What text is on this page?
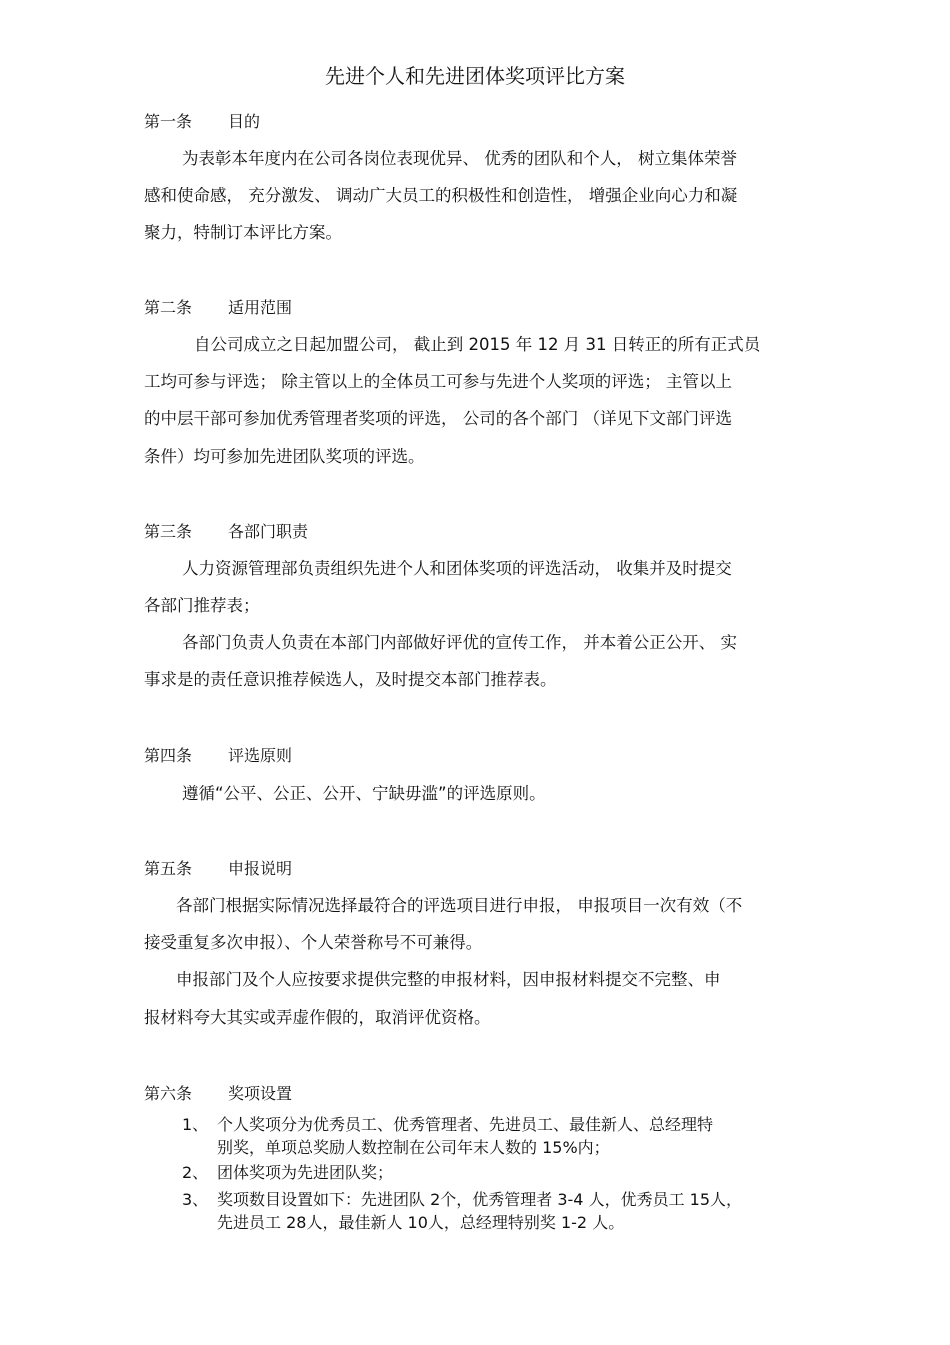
先进个人和先进团体奖项评比方案
第一条 目的
为表彰本年度内在公司各岗位表现优异、 优秀的团队和个人， 树立集体荣誉
感和使命感， 充分激发、 调动广大员工的积极性和创造性， 增强企业向心力和凝
聚力，特制订本评比方案。
第二条 适用范围
自公司成立之日起加盟公司， 截止到 2015 年 12 月 31 日转正的所有正式员
工均可参与评选； 除主管以上的全体员工可参与先进个人奖项的评选； 主管以上
的中层干部可参加优秀管理者奖项的评选， 公司的各个部门 （详见下文部门评选
条件）均可参加先进团队奖项的评选。
第三条 各部门职责
人力资源管理部负责组织先进个人和团体奖项的评选活动， 收集并及时提交
各部门推荐表；
各部门负责人负责在本部门内部做好评优的宣传工作， 并本着公正公开、 实
事求是的责任意识推荐候选人，及时提交本部门推荐表。
第四条 评选原则
遵循“公平、公正、公开、宁缺毋滥”的评选原则。
第五条 申报说明
各部门根据实际情况选择最符合的评选项目进行申报， 申报项目一次有效（不
接受重复多次申报）、个人荣誉称号不可兼得。
申报部门及个人应按要求提供完整的申报材料，因申报材料提交不完整、申
报材料夸大其实或弄虚作假的，取消评优资格。
第六条 奖项设置
1、 个人奖项分为优秀员工、优秀管理者、先进员工、最佳新人、总经理特
别奖，单项总奖励人数控制在公司年末人数的 15%内；
2、 团体奖项为先进团队奖；
3、 奖项数目设置如下：先进团队 2个，优秀管理者 3-4 人，优秀员工 15人，
先进员工 28人，最佳新人 10人，总经理特别奖 1-2 人。
